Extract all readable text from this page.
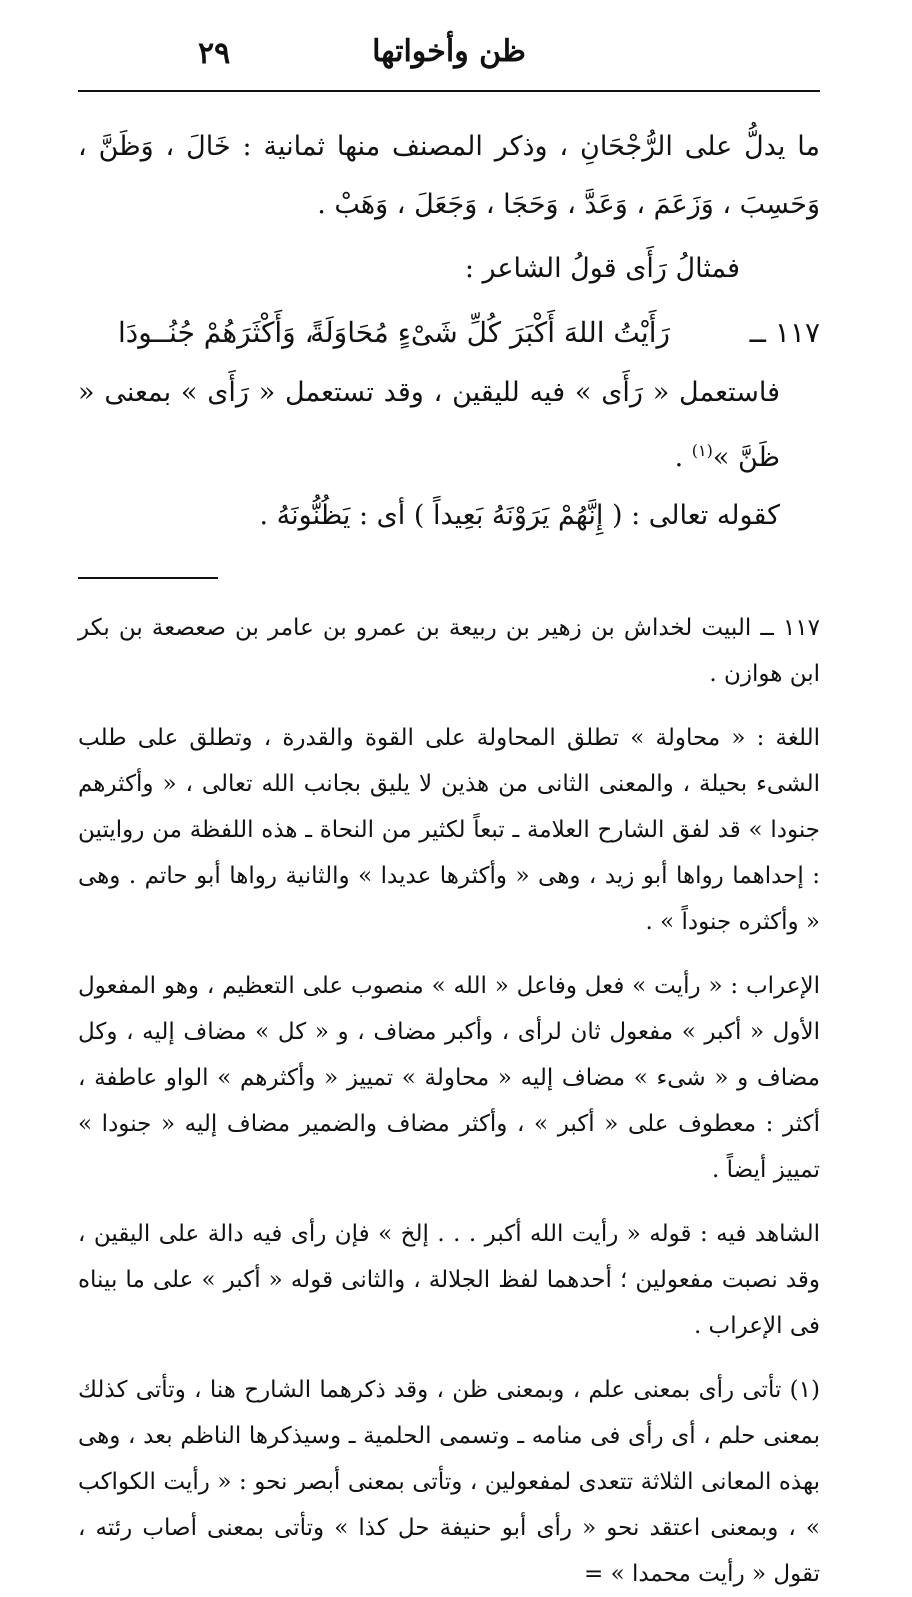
٢٩	ظن وأخواتها

ما يدلُّ على الرُّجْحَانِ ، وذكر المصنف منها ثمانية : خَالَ ، وَظَنَّ ، وَحَسِبَ ، وَزَعَمَ ، وَعَدَّ ، وَحَجَا ، وَجَعَلَ ، وَهَبْ .

فمثالُ رَأَى قولُ الشاعر :

١١٧ ــ
رَأَيْتُ اللهَ أَكْبَرَ كُلِّ شَىْءٍ مُحَاوَلَةً
، وَأَكْثَرَهُمْ جُنُــودَا

فاستعمل « رَأَى » فيه لليقين ، وقد تستعمل « رَأَى » بمعنى « ظَنَّ »$^{(١)}$ .

كقوله تعالى : ( إِنَّهُمْ يَرَوْنَهُ بَعِيداً ) أى : يَظُنُّونَهُ .

١١٧ ــ البيت لخداش بن زهير بن ربيعة بن عمرو بن عامر بن صعصعة بن بكر ابن هوازن .

اللغة : « محاولة » تطلق المحاولة على القوة والقدرة ، وتطلق على طلب الشىء بحيلة ، والمعنى الثانى من هذين لا يليق بجانب الله تعالى ، « وأكثرهم جنودا » قد لفق الشارح العلامة ـ تبعاً لكثير من النحاة ـ هذه اللفظة من روايتين : إحداهما رواها أبو زيد ، وهى « وأكثرها عديدا » والثانية رواها أبو حاتم . وهى « وأكثره جنوداً » .

الإعراب : « رأيت » فعل وفاعل « الله » منصوب على التعظيم ، وهو المفعول الأول « أكبر » مفعول ثان لرأى ، وأكبر مضاف ، و « كل » مضاف إليه ، وكل مضاف و « شىء » مضاف إليه « محاولة » تمييز « وأكثرهم » الواو عاطفة ، أكثر : معطوف على « أكبر » ، وأكثر مضاف والضمير مضاف إليه « جنودا » تمييز أيضاً .

الشاهد فيه : قوله « رأيت الله أكبر . . . إلخ » فإن رأى فيه دالة على اليقين ، وقد نصبت مفعولين ؛ أحدهما لفظ الجلالة ، والثانى قوله « أكبر » على ما بيناه فى الإعراب .

(١) تأتى رأى بمعنى علم ، وبمعنى ظن ، وقد ذكرهما الشارح هنا ، وتأتى كذلك بمعنى حلم ، أى رأى فى منامه ـ وتسمى الحلمية ـ وسيذكرها الناظم بعد ، وهى بهذه المعانى الثلاثة تتعدى لمفعولين ، وتأتى بمعنى أبصر نحو : « رأيت الكواكب » ، وبمعنى اعتقد نحو « رأى أبو حنيفة حل كذا » وتأتى بمعنى أصاب رئته ، تقول « رأيت محمدا » =
